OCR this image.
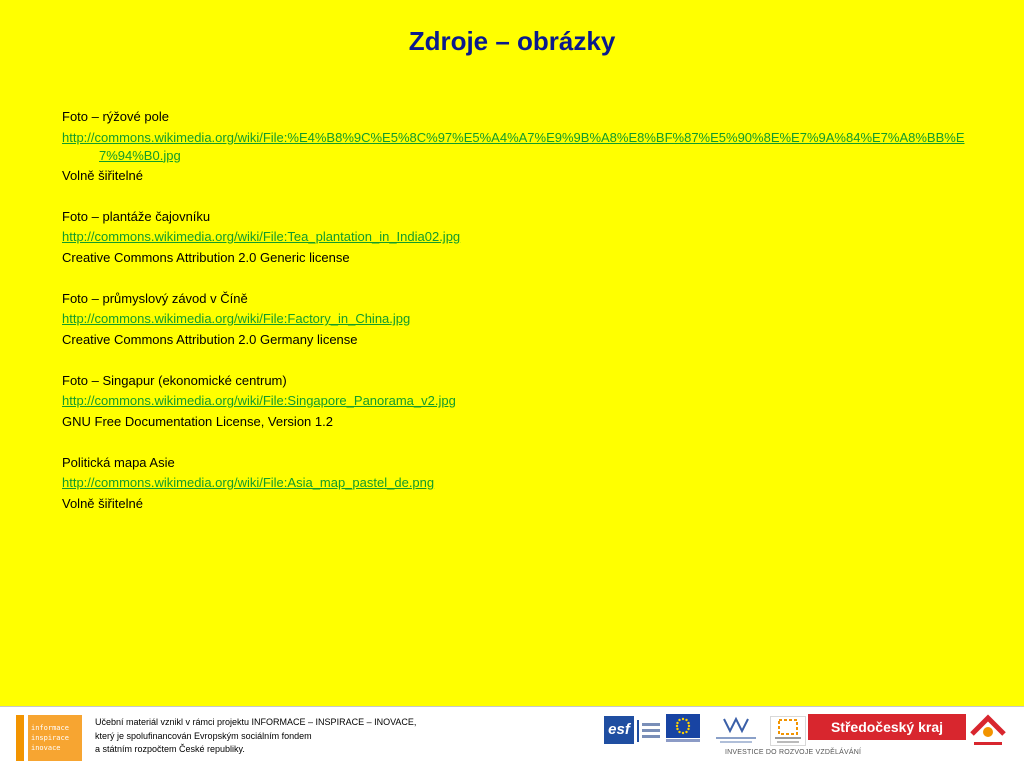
Zdroje – obrázky
Foto – rýžové pole
http://commons.wikimedia.org/wiki/File:%E4%B8%9C%E5%8C%97%E5%A4%A7%E9%9B%A8%E8%BF%87%E5%90%8E%E7%9A%84%E7%A8%BB%E7%94%B0.jpg
Volně šiřitelné
Foto – plantáže čajovníku
http://commons.wikimedia.org/wiki/File:Tea_plantation_in_India02.jpg
Creative Commons Attribution 2.0 Generic license
Foto – průmyslový závod v Číně
http://commons.wikimedia.org/wiki/File:Factory_in_China.jpg
Creative Commons Attribution 2.0 Germany license
Foto – Singapur (ekonomické centrum)
http://commons.wikimedia.org/wiki/File:Singapore_Panorama_v2.jpg
GNU Free Documentation License, Version 1.2
Politická mapa Asie
http://commons.wikimedia.org/wiki/File:Asia_map_pastel_de.png
Volně šiřitelné
informace
inspirace
inovace
Učební materiál vznikl v rámci projektu INFORMACE – INSPIRACE – INOVACE,
který je spolufinancován Evropským sociálním fondem
a státním rozpočtem České republiky.
esf	Středočeský kraj
INVESTICE DO ROZVOJE VZDĚLÁVÁNÍ
